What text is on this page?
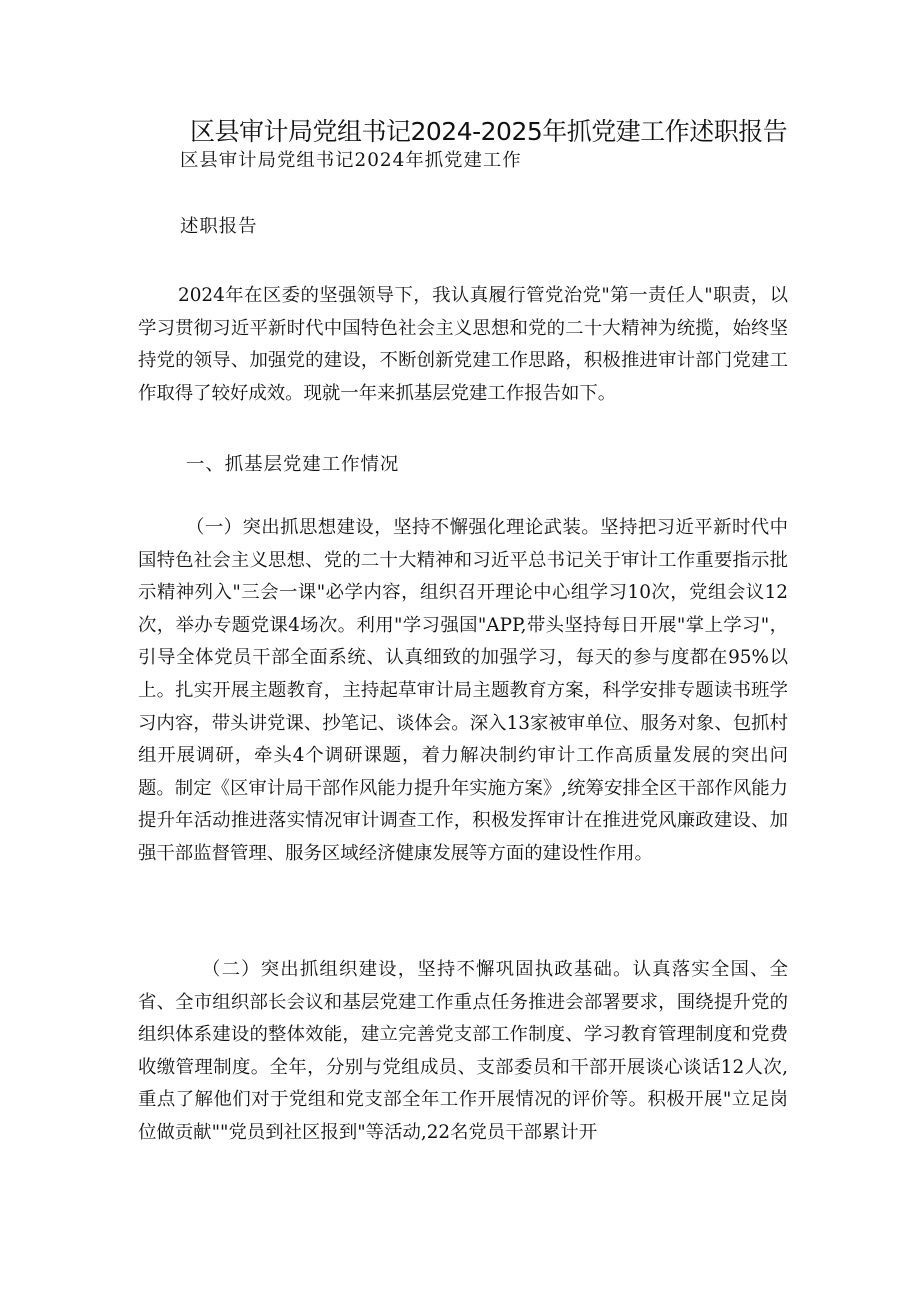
区县审计局党组书记2024-2025年抓党建工作述职报告
区县审计局党组书记2024年抓党建工作
述职报告

2024年在区委的坚强领导下，我认真履行管党治党"第一责任人"职责，以学习贯彻习近平新时代中国特色社会主义思想和党的二十大精神为统揽，始终坚持党的领导、加强党的建设，不断创新党建工作思路，积极推进审计部门党建工作取得了较好成效。现就一年来抓基层党建工作报告如下。

一、抓基层党建工作情况

（一）突出抓思想建设，坚持不懈强化理论武装。坚持把习近平新时代中国特色社会主义思想、党的二十大精神和习近平总书记关于审计工作重要指示批示精神列入"三会一课"必学内容，组织召开理论中心组学习10次，党组会议12次，举办专题党课4场次。利用"学习强国"APP,带头坚持每日开展"掌上学习"，引导全体党员干部全面系统、认真细致的加强学习，每天的参与度都在95%以上。扎实开展主题教育，主持起草审计局主题教育方案，科学安排专题读书班学习内容，带头讲党课、抄笔记、谈体会。深入13家被审单位、服务对象、包抓村组开展调研，牵头4个调研课题，着力解决制约审计工作高质量发展的突出问题。制定《区审计局干部作风能力提升年实施方案》,统筹安排全区干部作风能力提升年活动推进落实情况审计调查工作，积极发挥审计在推进党风廉政建设、加强干部监督管理、服务区域经济健康发展等方面的建设性作用。

（二）突出抓组织建设，坚持不懈巩固执政基础。认真落实全国、全省、全市组织部长会议和基层党建工作重点任务推进会部署要求，围绕提升党的组织体系建设的整体效能，建立完善党支部工作制度、学习教育管理制度和党费收缴管理制度。全年，分别与党组成员、支部委员和干部开展谈心谈话12人次,重点了解他们对于党组和党支部全年工作开展情况的评价等。积极开展"立足岗位做贡献""党员到社区报到"等活动,22名党员干部累计开
